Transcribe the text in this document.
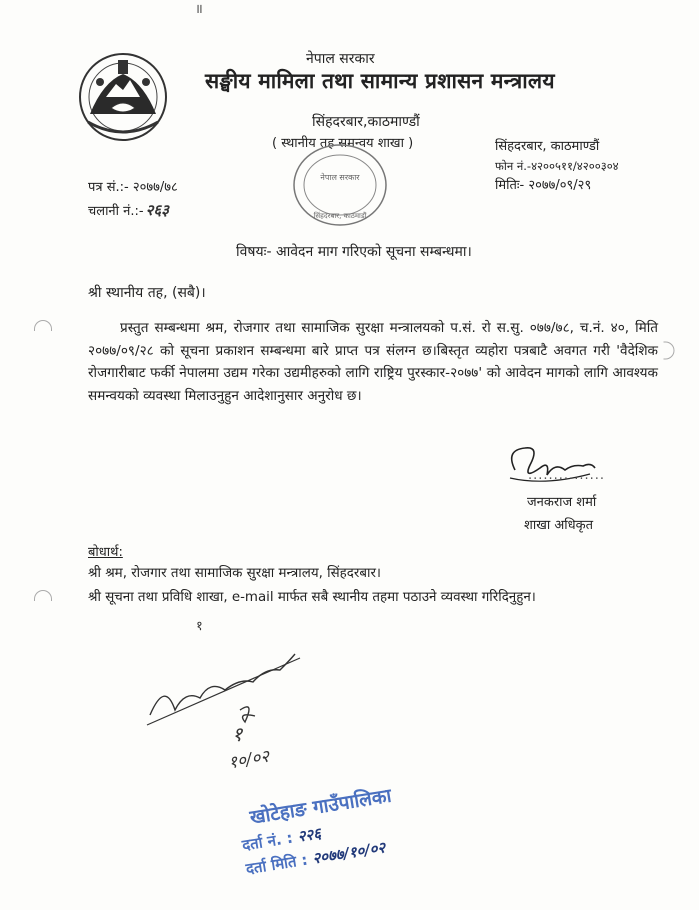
॥
नेपाल सरकार
सङ्घीय मामिला तथा सामान्य प्रशासन मन्त्रालय
सिंहदरबार,काठमाण्डौं
( स्थानीय तह समन्वय शाखा )
नेपाल सरकार
सिंहदरबार, काठमाडौं
सिंहदरबार, काठमाण्डौं
फोन नं.-४२००५११/४२००३०४
मितिः- २०७७/०९/२९
पत्र सं.:- २०७७/७८
चलानी नं.:- २६३
विषयः- आवेदन माग गरिएको सूचना सम्बन्धमा।
श्री स्थानीय तह, (सबै)।
प्रस्तुत सम्बन्धमा श्रम, रोजगार तथा सामाजिक सुरक्षा मन्त्रालयको प.सं. रो स.सु. ०७७/७८, च.नं. ४०, मिति २०७७/०९/२८ को सूचना प्रकाशन सम्बन्धमा बारे प्राप्त पत्र संलग्न छ।बिस्तृत व्यहोरा पत्रबाटै अवगत गरी 'वैदेशिक रोजगारीबाट फर्की नेपालमा उद्यम गरेका उद्यमीहरुको लागि राष्ट्रिय पुरस्कार-२०७७' को आवेदन मागको लागि आवश्यक समन्वयको व्यवस्था मिलाउनुहुन आदेशानुसार अनुरोध छ।
...............
जनकराज शर्मा
शाखा अधिकृत
बोधार्थ:
श्री श्रम, रोजगार तथा सामाजिक सुरक्षा मन्त्रालय, सिंहदरबार।
श्री सूचना तथा प्रविधि शाखा, e-mail मार्फत सबै स्थानीय तहमा पठाउने व्यवस्था गरिदिनुहुन।
१
१
१०/०२
खोटेहाङ गाउँपालिका
दर्ता नं. : २२६
दर्ता मिति : २०७७/१०/०२
